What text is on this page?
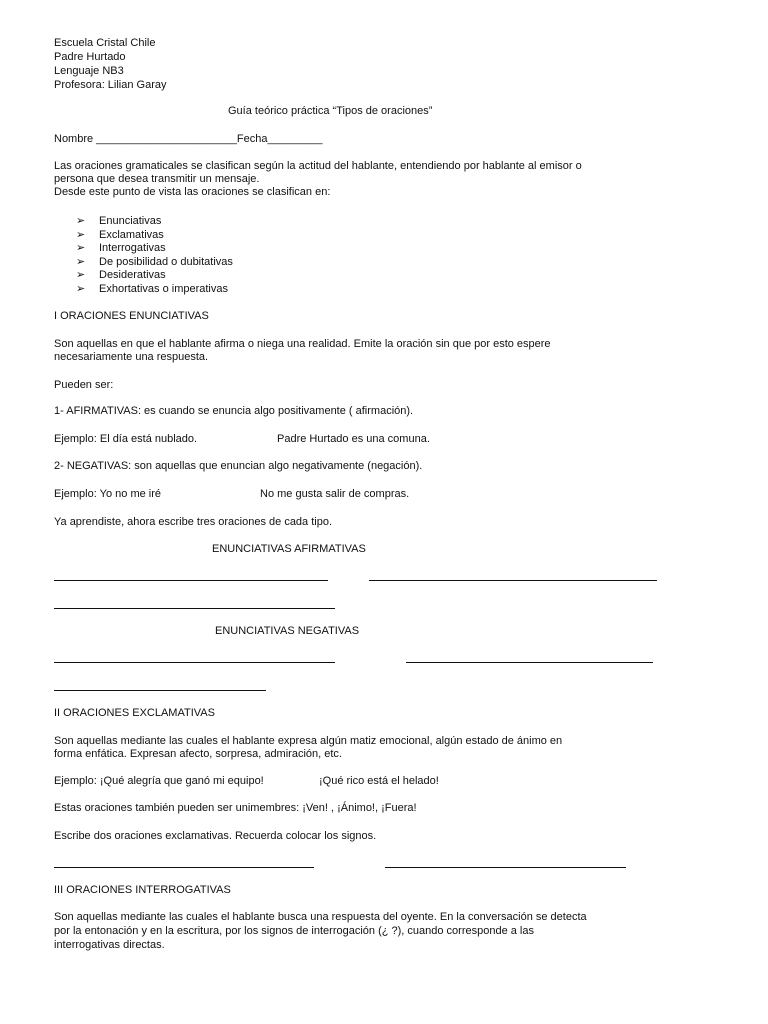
Escuela Cristal Chile
Padre Hurtado
Lenguaje NB3
Profesora: Lilian Garay
Guía teórico práctica “Tipos de oraciones”
Nombre _______________________Fecha_________
Las oraciones gramaticales se clasifican según la actitud del hablante, entendiendo por hablante al emisor o
persona que desea transmitir un mensaje.
Desde este punto de vista las oraciones se clasifican en:
➢ Enunciativas
➢ Exclamativas
➢ Interrogativas
➢ De posibilidad o dubitativas
➢ Desiderativas
➢ Exhortativas o imperativas
I ORACIONES ENUNCIATIVAS
Son aquellas en que el hablante afirma o niega una realidad. Emite la oración sin que por esto espere
necesariamente una respuesta.
Pueden ser:
1- AFIRMATIVAS: es cuando se enuncia algo positivamente ( afirmación).
Ejemplo: El día está nublado.	Padre Hurtado es una comuna.
2- NEGATIVAS: son aquellas que enuncian algo negativamente (negación).
Ejemplo: Yo no me iré	No me gusta salir de compras.
Ya aprendiste, ahora escribe tres oraciones de cada tipo.
ENUNCIATIVAS AFIRMATIVAS
ENUNCIATIVAS NEGATIVAS
II ORACIONES EXCLAMATIVAS
Son aquellas mediante las cuales el hablante expresa algún matiz emocional, algún estado de ánimo en
forma enfática. Expresan afecto, sorpresa, admiración, etc.
Ejemplo: ¡Qué alegría que ganó mi equipo!	¡Qué rico está el helado!
Estas oraciones también pueden ser unimembres: ¡Ven! , ¡Ánimo!, ¡Fuera!
Escribe dos oraciones exclamativas. Recuerda colocar los signos.
III ORACIONES INTERROGATIVAS
Son aquellas mediante las cuales el hablante busca una respuesta del oyente. En la conversación se detecta
por la entonación y en la escritura, por los signos de interrogación (¿ ?), cuando corresponde a las
interrogativas directas.
